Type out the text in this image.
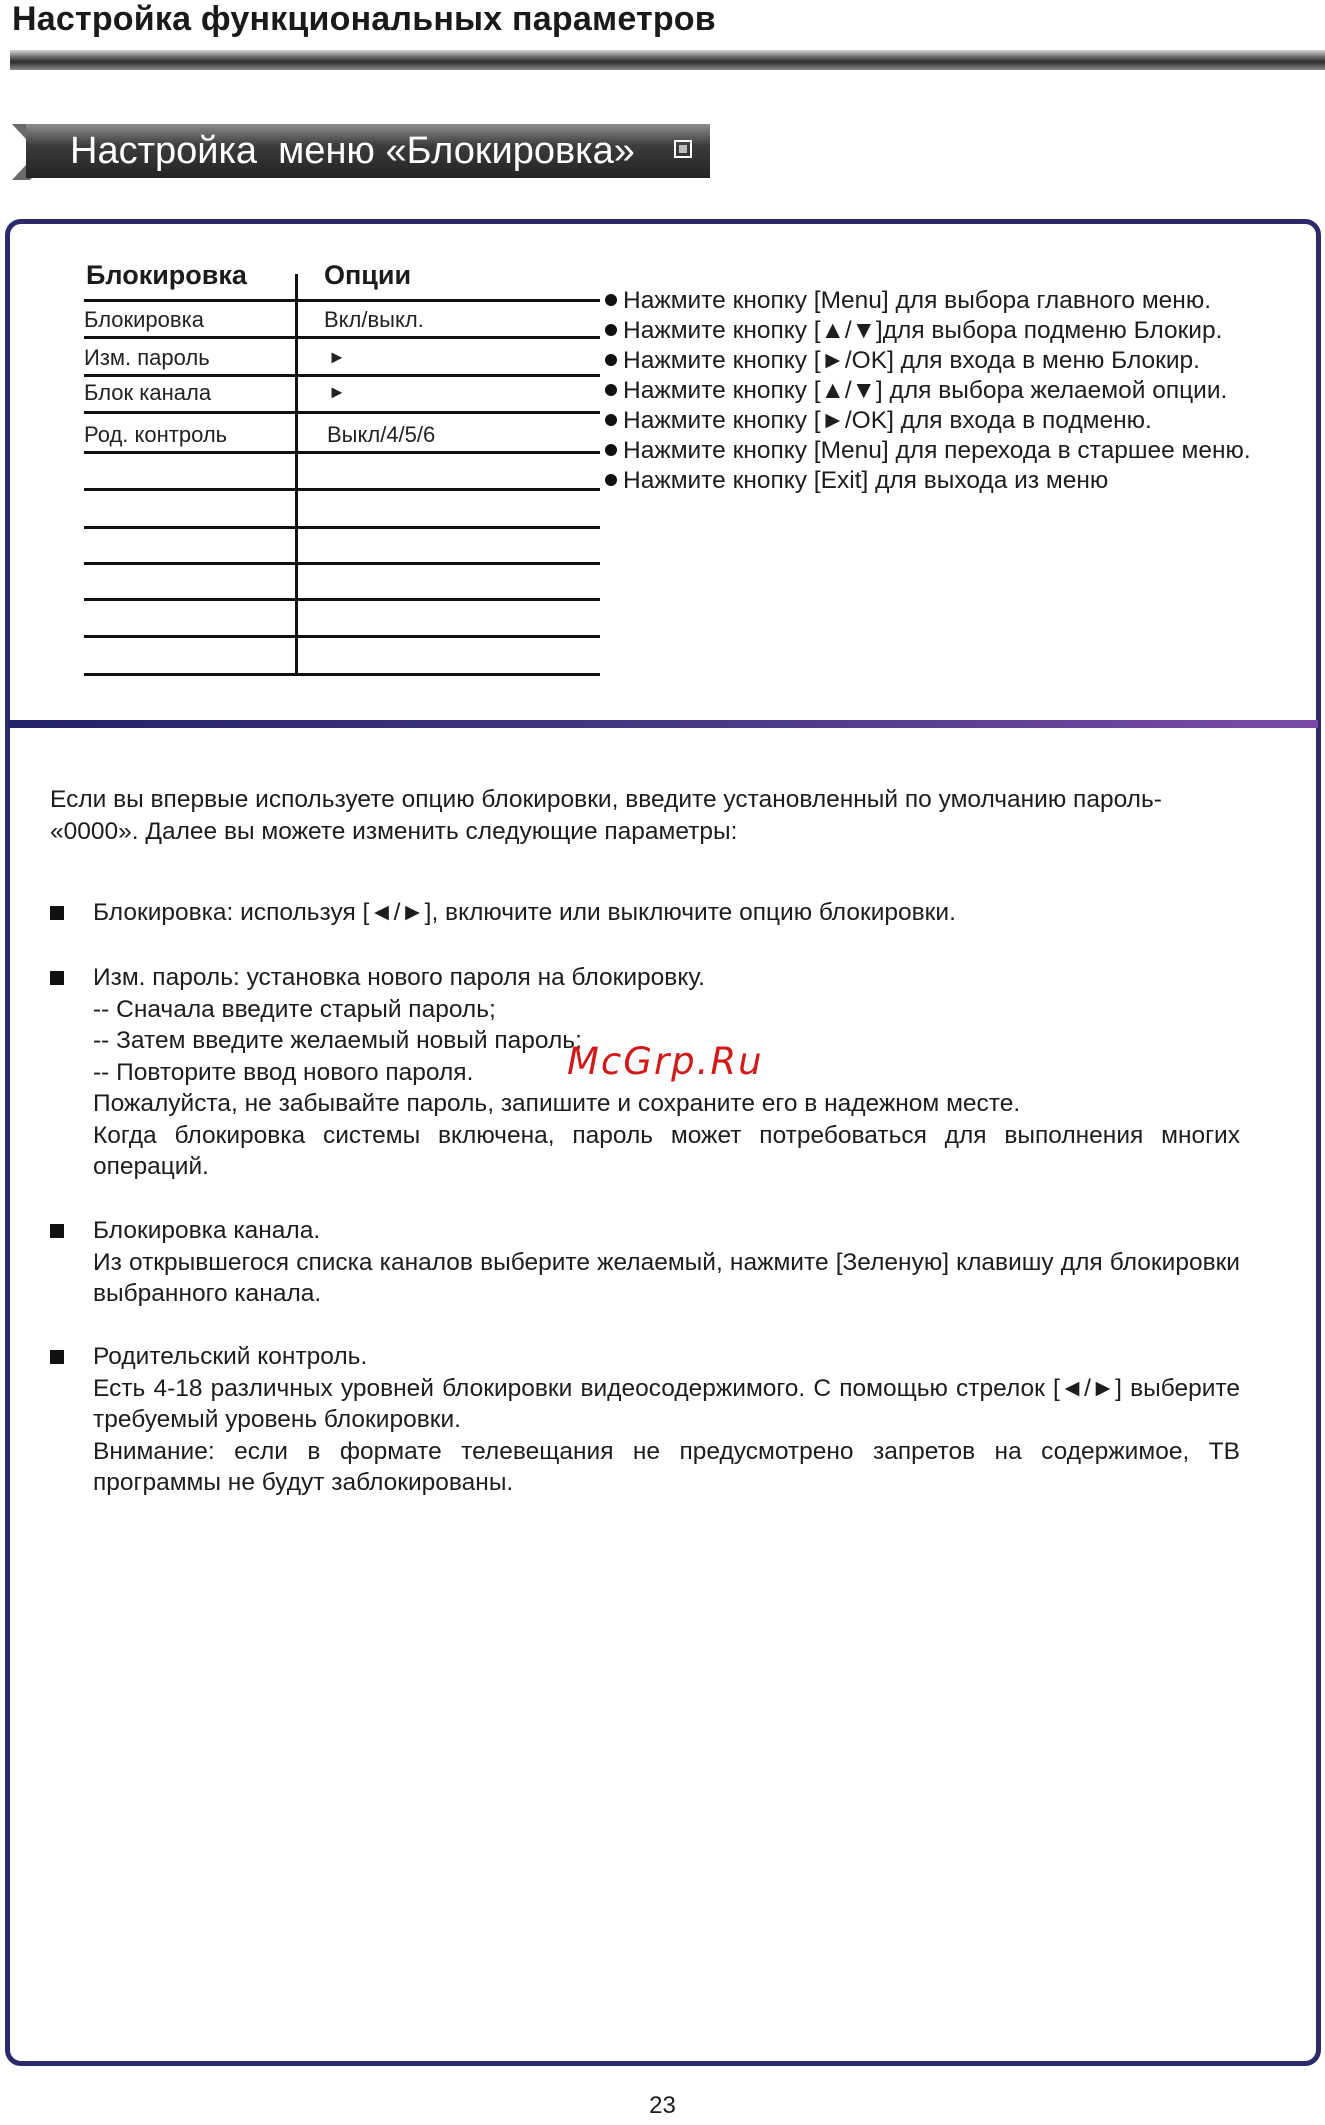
Настройка функциональных параметров
Настройка  меню «Блокировка»
Блокировка	Опции
Блокировка	Вкл/выкл.
Изм. пароль	►
Блок канала	►
Род. контроль	Выкл/4/5/6
Нажмите кнопку [Menu] для выбора главного меню.
Нажмите кнопку [▲/▼]для выбора подменю Блокир.
Нажмите кнопку [►/OK] для входа в меню Блокир.
Нажмите кнопку [▲/▼] для выбора желаемой опции.
Нажмите кнопку [►/OK] для входа в подменю.
Нажмите кнопку [Menu] для перехода в старшее меню.
Нажмите кнопку [Exit] для выхода из меню
Если вы впервые используете опцию блокировки, введите установленный по умолчанию пароль-
«0000». Далее вы можете изменить следующие параметры:
Блокировка: используя [◄/►], включите или выключите опцию блокировки.
Изм. пароль: установка нового пароля на блокировку.
-- Сначала введите старый пароль;
-- Затем введите желаемый новый пароль;
-- Повторите ввод нового пароля.
Пожалуйста, не забывайте пароль, запишите и сохраните его в надежном месте.
Когда блокировка системы включена, пароль может потребоваться для выполнения многих операций.
Блокировка канала.
Из открывшегося списка каналов выберите желаемый, нажмите [Зеленую] клавишу для блокировки выбранного канала.
Родительский контроль.
Есть 4-18 различных уровней блокировки видеосодержимого. С помощью стрелок [◄/►] выберите требуемый уровень блокировки.
Внимание: если в формате телевещания не предусмотрено запретов на содержимое, ТВ программы не будут заблокированы.
McGrp.Ru
23
